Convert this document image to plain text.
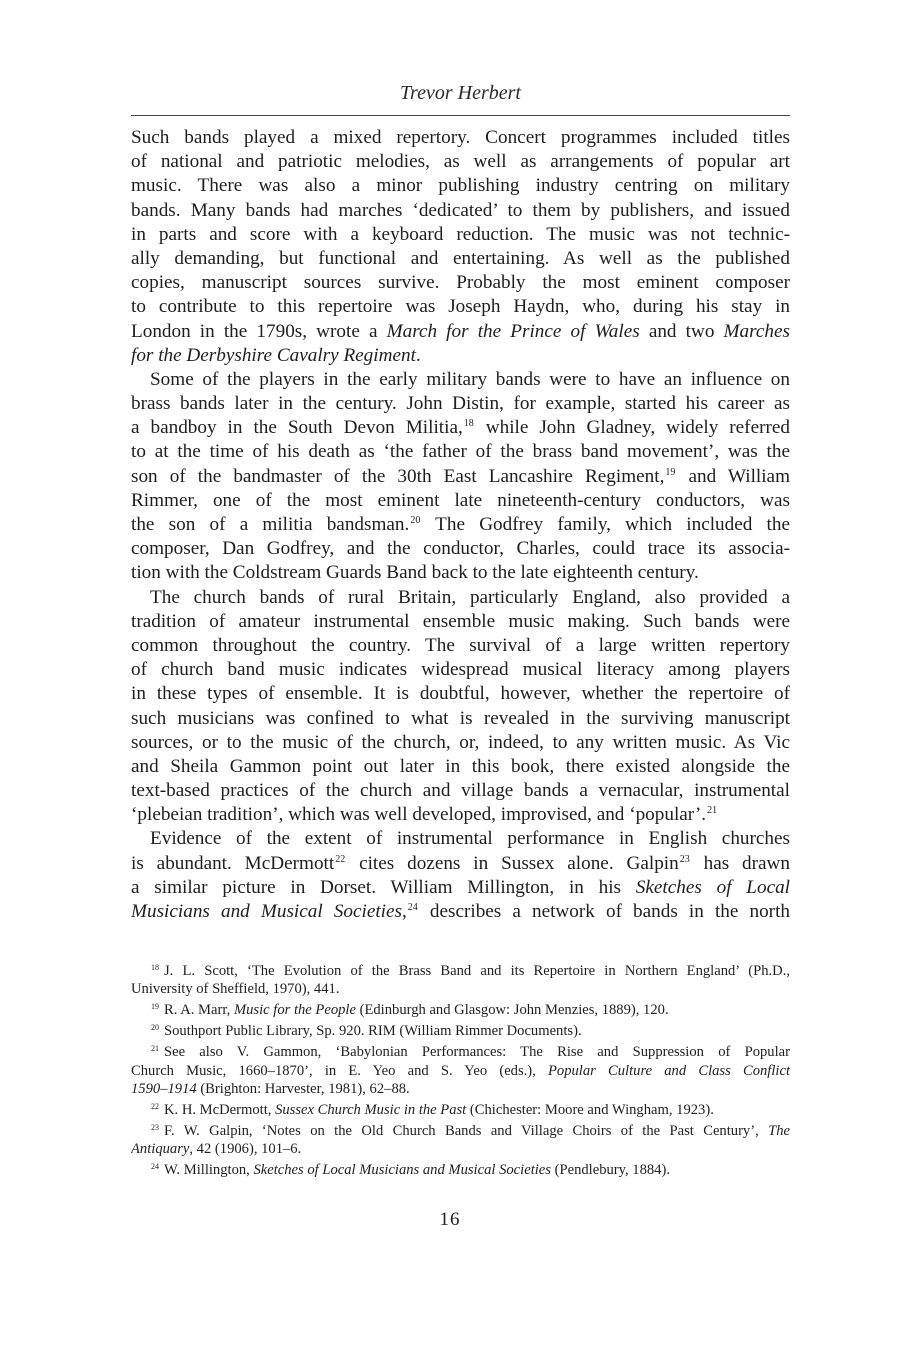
Trevor Herbert

Such bands played a mixed repertory. Concert programmes included titles
of national and patriotic melodies, as well as arrangements of popular art
music. There was also a minor publishing industry centring on military
bands. Many bands had marches ‘dedicated’ to them by publishers, and issued
in parts and score with a keyboard reduction. The music was not technic-
ally demanding, but functional and entertaining. As well as the published
copies, manuscript sources survive. Probably the most eminent composer
to contribute to this repertoire was Joseph Haydn, who, during his stay in
London in the 1790s, wrote a March for the Prince of Wales and two Marches
for the Derbyshire Cavalry Regiment.

Some of the players in the early military bands were to have an influence on
brass bands later in the century. John Distin, for example, started his career as
a bandboy in the South Devon Militia,$^{18}$ while John Gladney, widely referred
to at the time of his death as ‘the father of the brass band movement’, was the
son of the bandmaster of the 30th East Lancashire Regiment,$^{19}$ and William
Rimmer, one of the most eminent late nineteenth-century conductors, was
the son of a militia bandsman.$^{20}$ The Godfrey family, which included the
composer, Dan Godfrey, and the conductor, Charles, could trace its associa-
tion with the Coldstream Guards Band back to the late eighteenth century.

The church bands of rural Britain, particularly England, also provided a
tradition of amateur instrumental ensemble music making. Such bands were
common throughout the country. The survival of a large written repertory
of church band music indicates widespread musical literacy among players
in these types of ensemble. It is doubtful, however, whether the repertoire of
such musicians was confined to what is revealed in the surviving manuscript
sources, or to the music of the church, or, indeed, to any written music. As Vic
and Sheila Gammon point out later in this book, there existed alongside the
text-based practices of the church and village bands a vernacular, instrumental
‘plebeian tradition’, which was well developed, improvised, and ‘popular’.$^{21}$

Evidence of the extent of instrumental performance in English churches
is abundant. McDermott$^{22}$ cites dozens in Sussex alone. Galpin$^{23}$ has drawn
a similar picture in Dorset. William Millington, in his Sketches of Local
Musicians and Musical Societies,$^{24}$ describes a network of bands in the north

$^{18}$ J. L. Scott, ‘The Evolution of the Brass Band and its Repertoire in Northern England’ (Ph.D.,
University of Sheffield, 1970), 441.
$^{19}$ R. A. Marr, Music for the People (Edinburgh and Glasgow: John Menzies, 1889), 120.
$^{20}$ Southport Public Library, Sp. 920. RIM (William Rimmer Documents).
$^{21}$ See also V. Gammon, ‘Babylonian Performances: The Rise and Suppression of Popular
Church Music, 1660–1870’, in E. Yeo and S. Yeo (eds.), Popular Culture and Class Conflict
1590–1914 (Brighton: Harvester, 1981), 62–88.
$^{22}$ K. H. McDermott, Sussex Church Music in the Past (Chichester: Moore and Wingham, 1923).
$^{23}$ F. W. Galpin, ‘Notes on the Old Church Bands and Village Choirs of the Past Century’, The
Antiquary, 42 (1906), 101–6.
$^{24}$ W. Millington, Sketches of Local Musicians and Musical Societies (Pendlebury, 1884).
16
